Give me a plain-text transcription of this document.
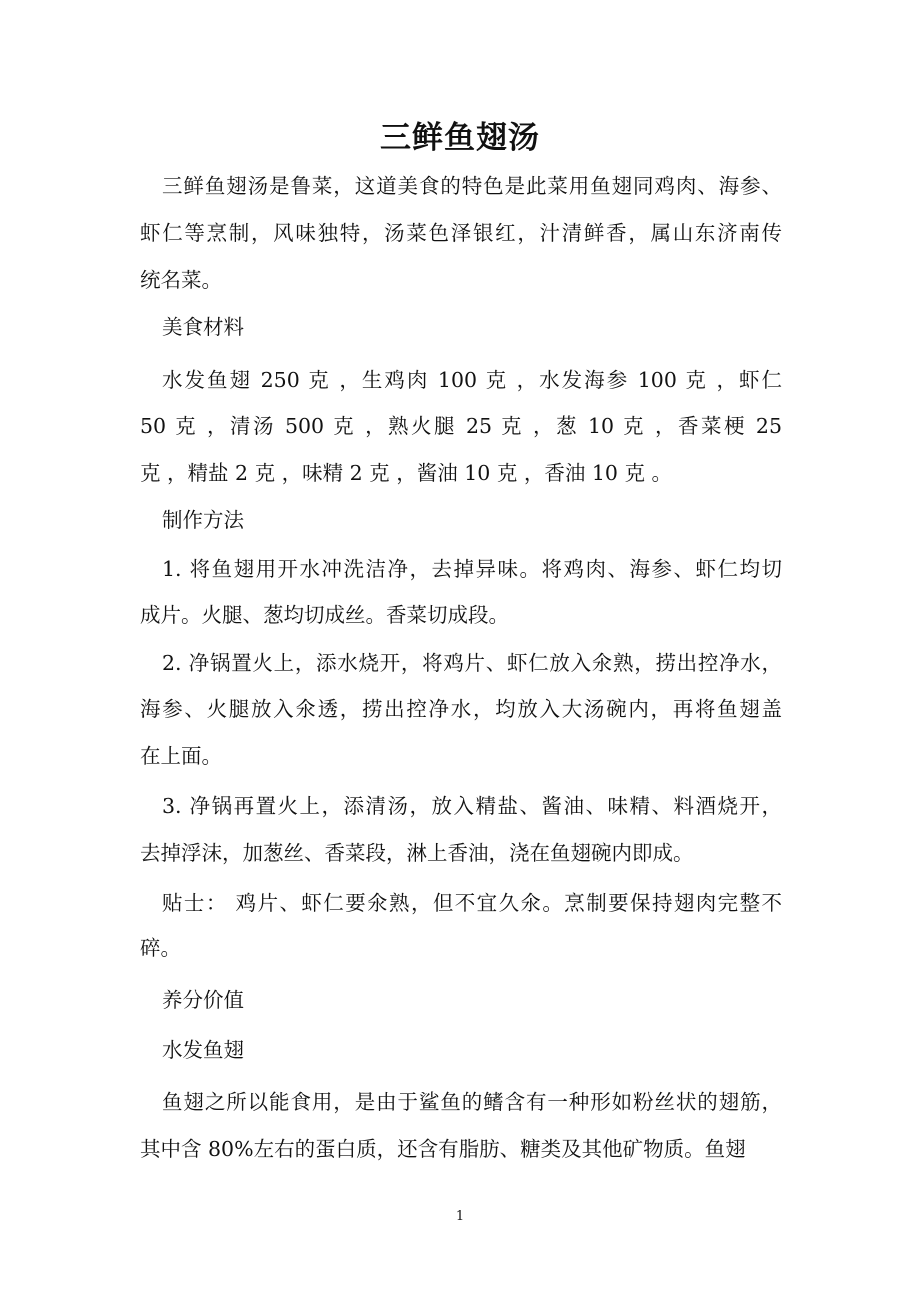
三鲜鱼翅汤
三鲜鱼翅汤是鲁菜，这道美食的特色是此菜用鱼翅同鸡肉、海参、
虾仁等烹制，风味独特，汤菜色泽银红，汁清鲜香，属山东济南传
统名菜。
美食材料
水发鱼翅 250 克 ，生鸡肉 100 克 ，水发海参 100 克 ，虾仁
50 克 ，清汤 500 克 ，熟火腿 25 克 ，葱 10 克 ，香菜梗 25
克 ，精盐 2 克 ，味精 2 克 ，酱油 10 克 ，香油 10 克 。
制作方法
1. 将鱼翅用开水冲洗洁净，去掉异味。将鸡肉、海参、虾仁均切
成片。火腿、葱均切成丝。香菜切成段。
2. 净锅置火上，添水烧开，将鸡片、虾仁放入氽熟，捞出控净水，
海参、火腿放入氽透，捞出控净水，均放入大汤碗内，再将鱼翅盖
在上面。
3. 净锅再置火上，添清汤，放入精盐、酱油、味精、料酒烧开，
去掉浮沫，加葱丝、香菜段，淋上香油，浇在鱼翅碗内即成。
贴士： 鸡片、虾仁要氽熟，但不宜久氽。烹制要保持翅肉完整不
碎。
养分价值
水发鱼翅
鱼翅之所以能食用，是由于鲨鱼的鳍含有一种形如粉丝状的翅筋，
其中含 80%左右的蛋白质，还含有脂肪、糖类及其他矿物质。鱼翅
1
